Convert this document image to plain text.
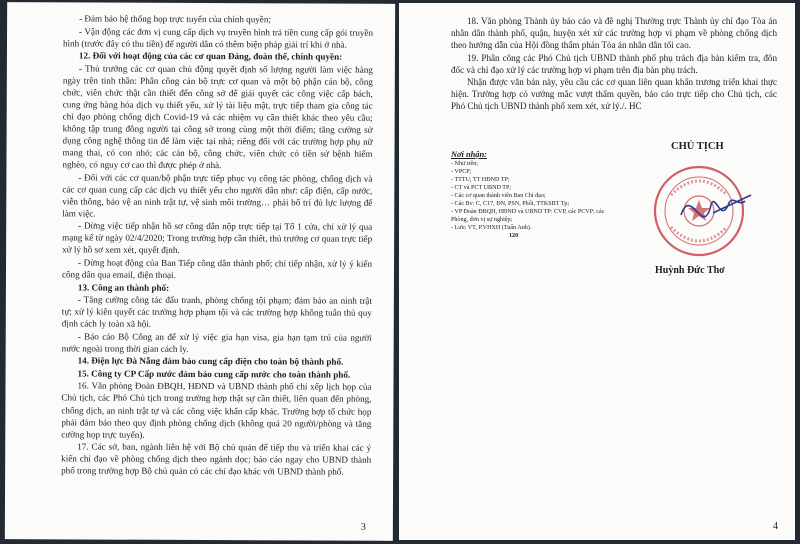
- Đảm bảo hệ thống họp trực tuyến của chính quyền;

- Vận động các đơn vị cung cấp dịch vụ truyền hình trả tiền cung cấp gói truyền hình (trước đây có thu tiền) để người dân có thêm biện pháp giải trí khi ở nhà.

12. Đối với hoạt động của các cơ quan Đảng, đoàn thể, chính quyền:

- Thủ trưởng các cơ quan chủ động quyết định số lượng người làm việc hàng ngày trên tinh thần: Phân công cán bộ trực cơ quan và một bộ phận cán bộ, công chức, viên chức thật cần thiết đến công sở để giải quyết các công việc cấp bách, cung ứng hàng hóa dịch vụ thiết yếu, xử lý tài liệu mật, trực tiếp tham gia công tác chỉ đạo phòng chống dịch Covid-19 và các nhiệm vụ cần thiết khác theo yêu cầu; không tập trung đông người tại công sở trong cùng một thời điểm; tăng cường sử dụng công nghệ thông tin để làm việc tại nhà; riêng đối với các trường hợp phụ nữ mang thai, có con nhỏ; các cán bộ, công chức, viên chức có tiền sử bệnh hiểm nghèo, có nguy cơ cao thì được phép ở nhà.

- Đối với các cơ quan/bộ phận trực tiếp phục vụ công tác phòng, chống dịch và các cơ quan cung cấp các dịch vụ thiết yếu cho người dân như: cấp điện, cấp nước, viễn thông, bảo vệ an ninh trật tự, vệ sinh môi trường… phải bố trí đủ lực lượng để làm việc.

- Dừng việc tiếp nhận hồ sơ công dân nộp trực tiếp tại Tổ 1 cửa, chỉ xử lý qua mạng kể từ ngày 02/4/2020; Trong trường hợp cần thiết, thủ trưởng cơ quan trực tiếp xử lý hồ sơ xem xét, quyết định.

- Dừng hoạt động của Ban Tiếp công dân thành phố; chỉ tiếp nhận, xử lý ý kiến công dân qua email, điện thoại.

13. Công an thành phố:

- Tăng cường công tác đấu tranh, phòng chống tội phạm; đảm bảo an ninh trật tự; xử lý kiên quyết các trường hợp phạm tội và các trường hợp không tuân thủ quy định cách ly toàn xã hội.

- Báo cáo Bộ Công an để xử lý việc gia hạn visa, gia hạn tạm trú của người nước ngoài trong thời gian cách ly.

14. Điện lực Đà Nẵng đảm bảo cung cấp điện cho toàn bộ thành phố.

15. Công ty CP Cấp nước đảm bảo cung cấp nước cho toàn thành phố.

16. Văn phòng Đoàn ĐBQH, HĐND và UBND thành phố chỉ xếp lịch họp của Chủ tịch, các Phó Chủ tịch trong trường hợp thật sự cần thiết, liên quan đến phòng, chống dịch, an ninh trật tự và các công việc khẩn cấp khác. Trường hợp tổ chức họp phải đảm bảo theo quy định phòng chống dịch (không quá 20 người/phòng và tăng cường họp trực tuyến).

17. Các sở, ban, ngành liên hệ với Bộ chủ quản để tiếp thu và triển khai các ý kiến chỉ đạo về phòng chống dịch theo ngành dọc; báo cáo ngay cho UBND thành phố trong trường hợp Bộ chủ quản có các chỉ đạo khác với UBND thành phố.

3

18. Văn phòng Thành ủy báo cáo và đề nghị Thường trực Thành ủy chỉ đạo Tòa án nhân dân thành phố, quận, huyện xét xử các trường hợp vi phạm về phòng chống dịch theo hướng dẫn của Hội đồng thẩm phán Tòa án nhân dân tối cao.

19. Phân công các Phó Chủ tịch UBND thành phố phụ trách địa bàn kiểm tra, đôn đốc và chỉ đạo xử lý các trường hợp vi phạm trên địa bàn phụ trách.

Nhận được văn bản này, yêu cầu các cơ quan liên quan khẩn trương triển khai thực hiện. Trường hợp có vướng mắc vượt thẩm quyền, báo cáo trực tiếp cho Chủ tịch, các Phó Chủ tịch UBND thành phố xem xét, xử lý./. HC

Nơi nhận:
- Như trên;
- VPCP;
- TTTU, TT HĐND TP;
- CT và PCT UBND TP;
- Các cơ quan thành viên Ban Chỉ đạo;
- Các Bv: C, C17, ĐN, PSN, Phổi, TTKSBT Tp;
- VP Đoàn ĐBQH, HĐND và UBND TP: CVP, các PCVP; các Phòng, đơn vị sự nghiệp;
- Lưu: VT, P.VHXH (Tuấn Anh).
120
CHỦ TỊCH
Huỳnh Đức Thơ
4
